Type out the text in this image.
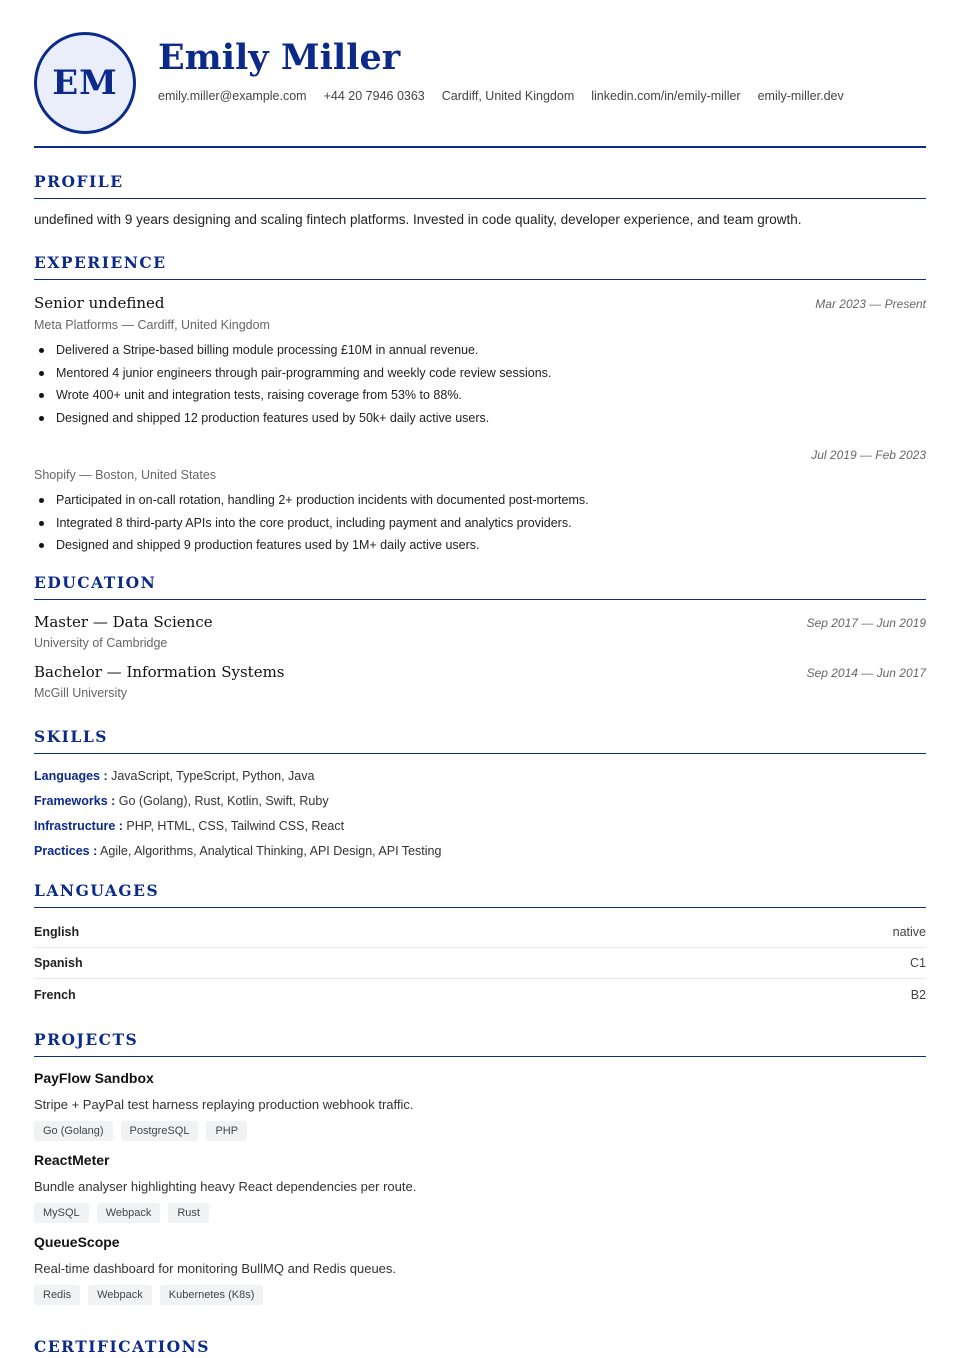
EM
Emily Miller
emily.miller@example.com +44 20 7946 0363 Cardiff, United Kingdom linkedin.com/in/emily-miller emily-miller.dev
PROFILE
undefined with 9 years designing and scaling fintech platforms. Invested in code quality, developer experience, and team growth.
EXPERIENCE
Senior undefined	Mar 2023 — Present
Meta Platforms — Cardiff, United Kingdom
Delivered a Stripe-based billing module processing £10M in annual revenue.
Mentored 4 junior engineers through pair-programming and weekly code review sessions.
Wrote 400+ unit and integration tests, raising coverage from 53% to 88%.
Designed and shipped 12 production features used by 50k+ daily active users.
Jul 2019 — Feb 2023
Shopify — Boston, United States
Participated in on-call rotation, handling 2+ production incidents with documented post-mortems.
Integrated 8 third-party APIs into the core product, including payment and analytics providers.
Designed and shipped 9 production features used by 1M+ daily active users.
EDUCATION
Master — Data Science	Sep 2017 — Jun 2019
University of Cambridge
Bachelor — Information Systems	Sep 2014 — Jun 2017
McGill University
SKILLS
Languages : JavaScript, TypeScript, Python, Java
Frameworks : Go (Golang), Rust, Kotlin, Swift, Ruby
Infrastructure : PHP, HTML, CSS, Tailwind CSS, React
Practices : Agile, Algorithms, Analytical Thinking, API Design, API Testing
LANGUAGES
English	native
Spanish	C1
French	B2
PROJECTS
PayFlow Sandbox
Stripe + PayPal test harness replaying production webhook traffic.
Go (Golang)	PostgreSQL	PHP
ReactMeter
Bundle analyser highlighting heavy React dependencies per route.
MySQL	Webpack	Rust
QueueScope
Real-time dashboard for monitoring BullMQ and Redis queues.
Redis	Webpack	Kubernetes (K8s)
CERTIFICATIONS
